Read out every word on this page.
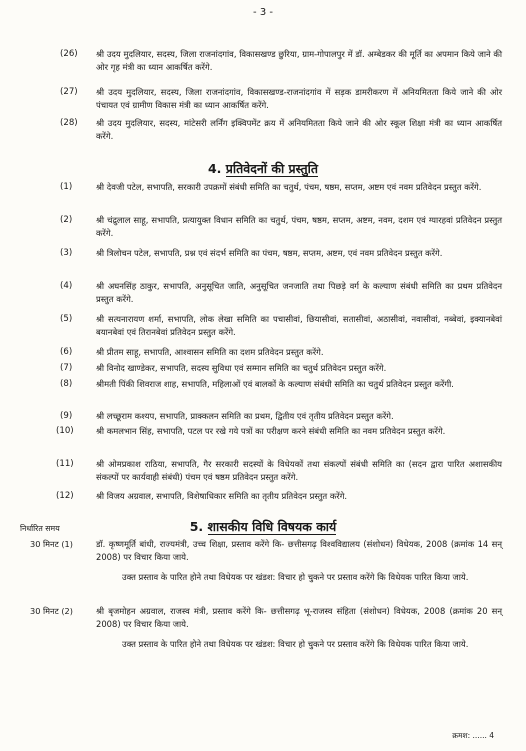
- 3 -
(26) श्री उदय मुदलियार, सदस्य, जिला राजनांदगांव, विकासखण्ड छुरिया, ग्राम-गोपालपुर में डॉ. अम्बेडकर की मूर्ति का अपमान किये जाने की ओर गृह मंत्री का ध्यान आकर्षित करेंगे.
(27) श्री उदय मुदलियार, सदस्य, जिला राजनांदगांव, विकासखण्ड-राजनांदगांव में सड़क डामरीकरण में अनियमितता किये जाने की ओर पंचायत एवं ग्रामीण विकास मंत्री का ध्यान आकर्षित करेंगे.
(28) श्री उदय मुदलियार, सदस्य, मांटेसरी लर्निंग इक्विपमेंट क्रय में अनियमितता किये जाने की ओर स्कूल शिक्षा मंत्री का ध्यान आकर्षित करेंगे.
4. प्रतिवेदनों की प्रस्तुति
(1)	श्री देवजी पटेल, सभापति, सरकारी उपक्रमों संबंधी समिति का चतुर्थ, पंचम, षष्ठम, सप्तम, अष्टम एवं नवम प्रतिवेदन प्रस्तुत करेंगे.
(2)	श्री चंद्रुलाल साहू, सभापति, प्रत्यायुक्त विधान समिति का चतुर्थ, पंचम, षष्ठम, सप्तम, अष्टम, नवम, दशम एवं ग्यारहवां प्रतिवेदन प्रस्तुत करेंगे.
(3)	श्री त्रिलोचन पटेल, सभापति, प्रश्न एवं संदर्भ समिति का पंचम, षष्ठम, सप्तम, अष्टम, एवं नवम प्रतिवेदन प्रस्तुत करेंगे.
(4)	श्री अघनसिंह ठाकुर, सभापति, अनुसूचित जाति, अनुसूचित जनजाति तथा पिछड़े वर्ग के कल्याण संबंधी समिति का प्रथम प्रतिवेदन प्रस्तुत करेंगे.
(5)	श्री सत्यनारायण शर्मा, सभापति, लोक लेखा समिति का पचासीवां, छियासीवां, सतासीवां, अठासीवां, नवासीवां, नब्बेवां, इक्यानबेवां बयानबेवां एवं तिरानबेवां प्रतिवेदन प्रस्तुत करेंगे.
(6)	श्री प्रीतम साहू, सभापति, आश्वासन समिति का दशम प्रतिवेदन प्रस्तुत करेंगे.
(7)	श्री विनोद खाण्डेकर, सभापति, सदस्य सुविधा एवं सम्मान समिति का चतुर्थ प्रतिवेदन प्रस्तुत करेंगे.
(8)	श्रीमती पिंकी शिवराज शाह, सभापति, महिलाओं एवं बालकों के कल्याण संबंधी समिति का चतुर्थ प्रतिवेदन प्रस्तुत करेंगी.
(9)	श्री लच्छूराम कश्यप, सभापति, प्राक्कलन समिति का प्रथम, द्वितीय एवं तृतीय प्रतिवेदन प्रस्तुत करेंगे.
(10)	श्री कमलभान सिंह, सभापति, पटल पर रखे गये पत्रों का परीक्षण करने संबंधी समिति का नवम प्रतिवेदन प्रस्तुत करेंगे.
(11)	श्री ओमप्रकाश राठिया, सभापति, गैर सरकारी सदस्यों के विधेयकों तथा संकल्पों संबंधी समिति का (सदन द्वारा पारित अशासकीय संकल्पों पर कार्यवाही संबंधी) पंचम एवं षष्ठम प्रतिवेदन प्रस्तुत करेंगे.
(12)	श्री विजय अग्रवाल, सभापति, विशेषाधिकार समिति का तृतीय प्रतिवेदन प्रस्तुत करेंगे.
निर्धारित समय	5. शासकीय विधि विषयक कार्य
30 मिनट (1)	डॉ. कृष्णमूर्ति बांधी, राज्यमंत्री, उच्च शिक्षा, प्रस्ताव करेंगे कि- छत्तीसगढ़ विश्वविद्यालय (संशोधन) विधेयक, 2008 (क्रमांक 14 सन् 2008) पर विचार किया जाये.
उक्त प्रस्ताव के पारित होने तथा विधेयक पर खंडश: विचार हो चुकने पर प्रस्ताव करेंगे कि विधेयक पारित किया जाये.
30 मिनट (2)	श्री बृजमोहन अग्रवाल, राजस्व मंत्री, प्रस्ताव करेंगे कि- छत्तीसगढ़ भू-राजस्व संहिता (संशोधन) विधेयक, 2008 (क्रमांक 20 सन् 2008) पर विचार किया जाये.
उक्त प्रस्ताव के पारित होने तथा विधेयक पर खंडश: विचार हो चुकने पर प्रस्ताव करेंगे कि विधेयक पारित किया जाये.
क्रमश: ...... 4
